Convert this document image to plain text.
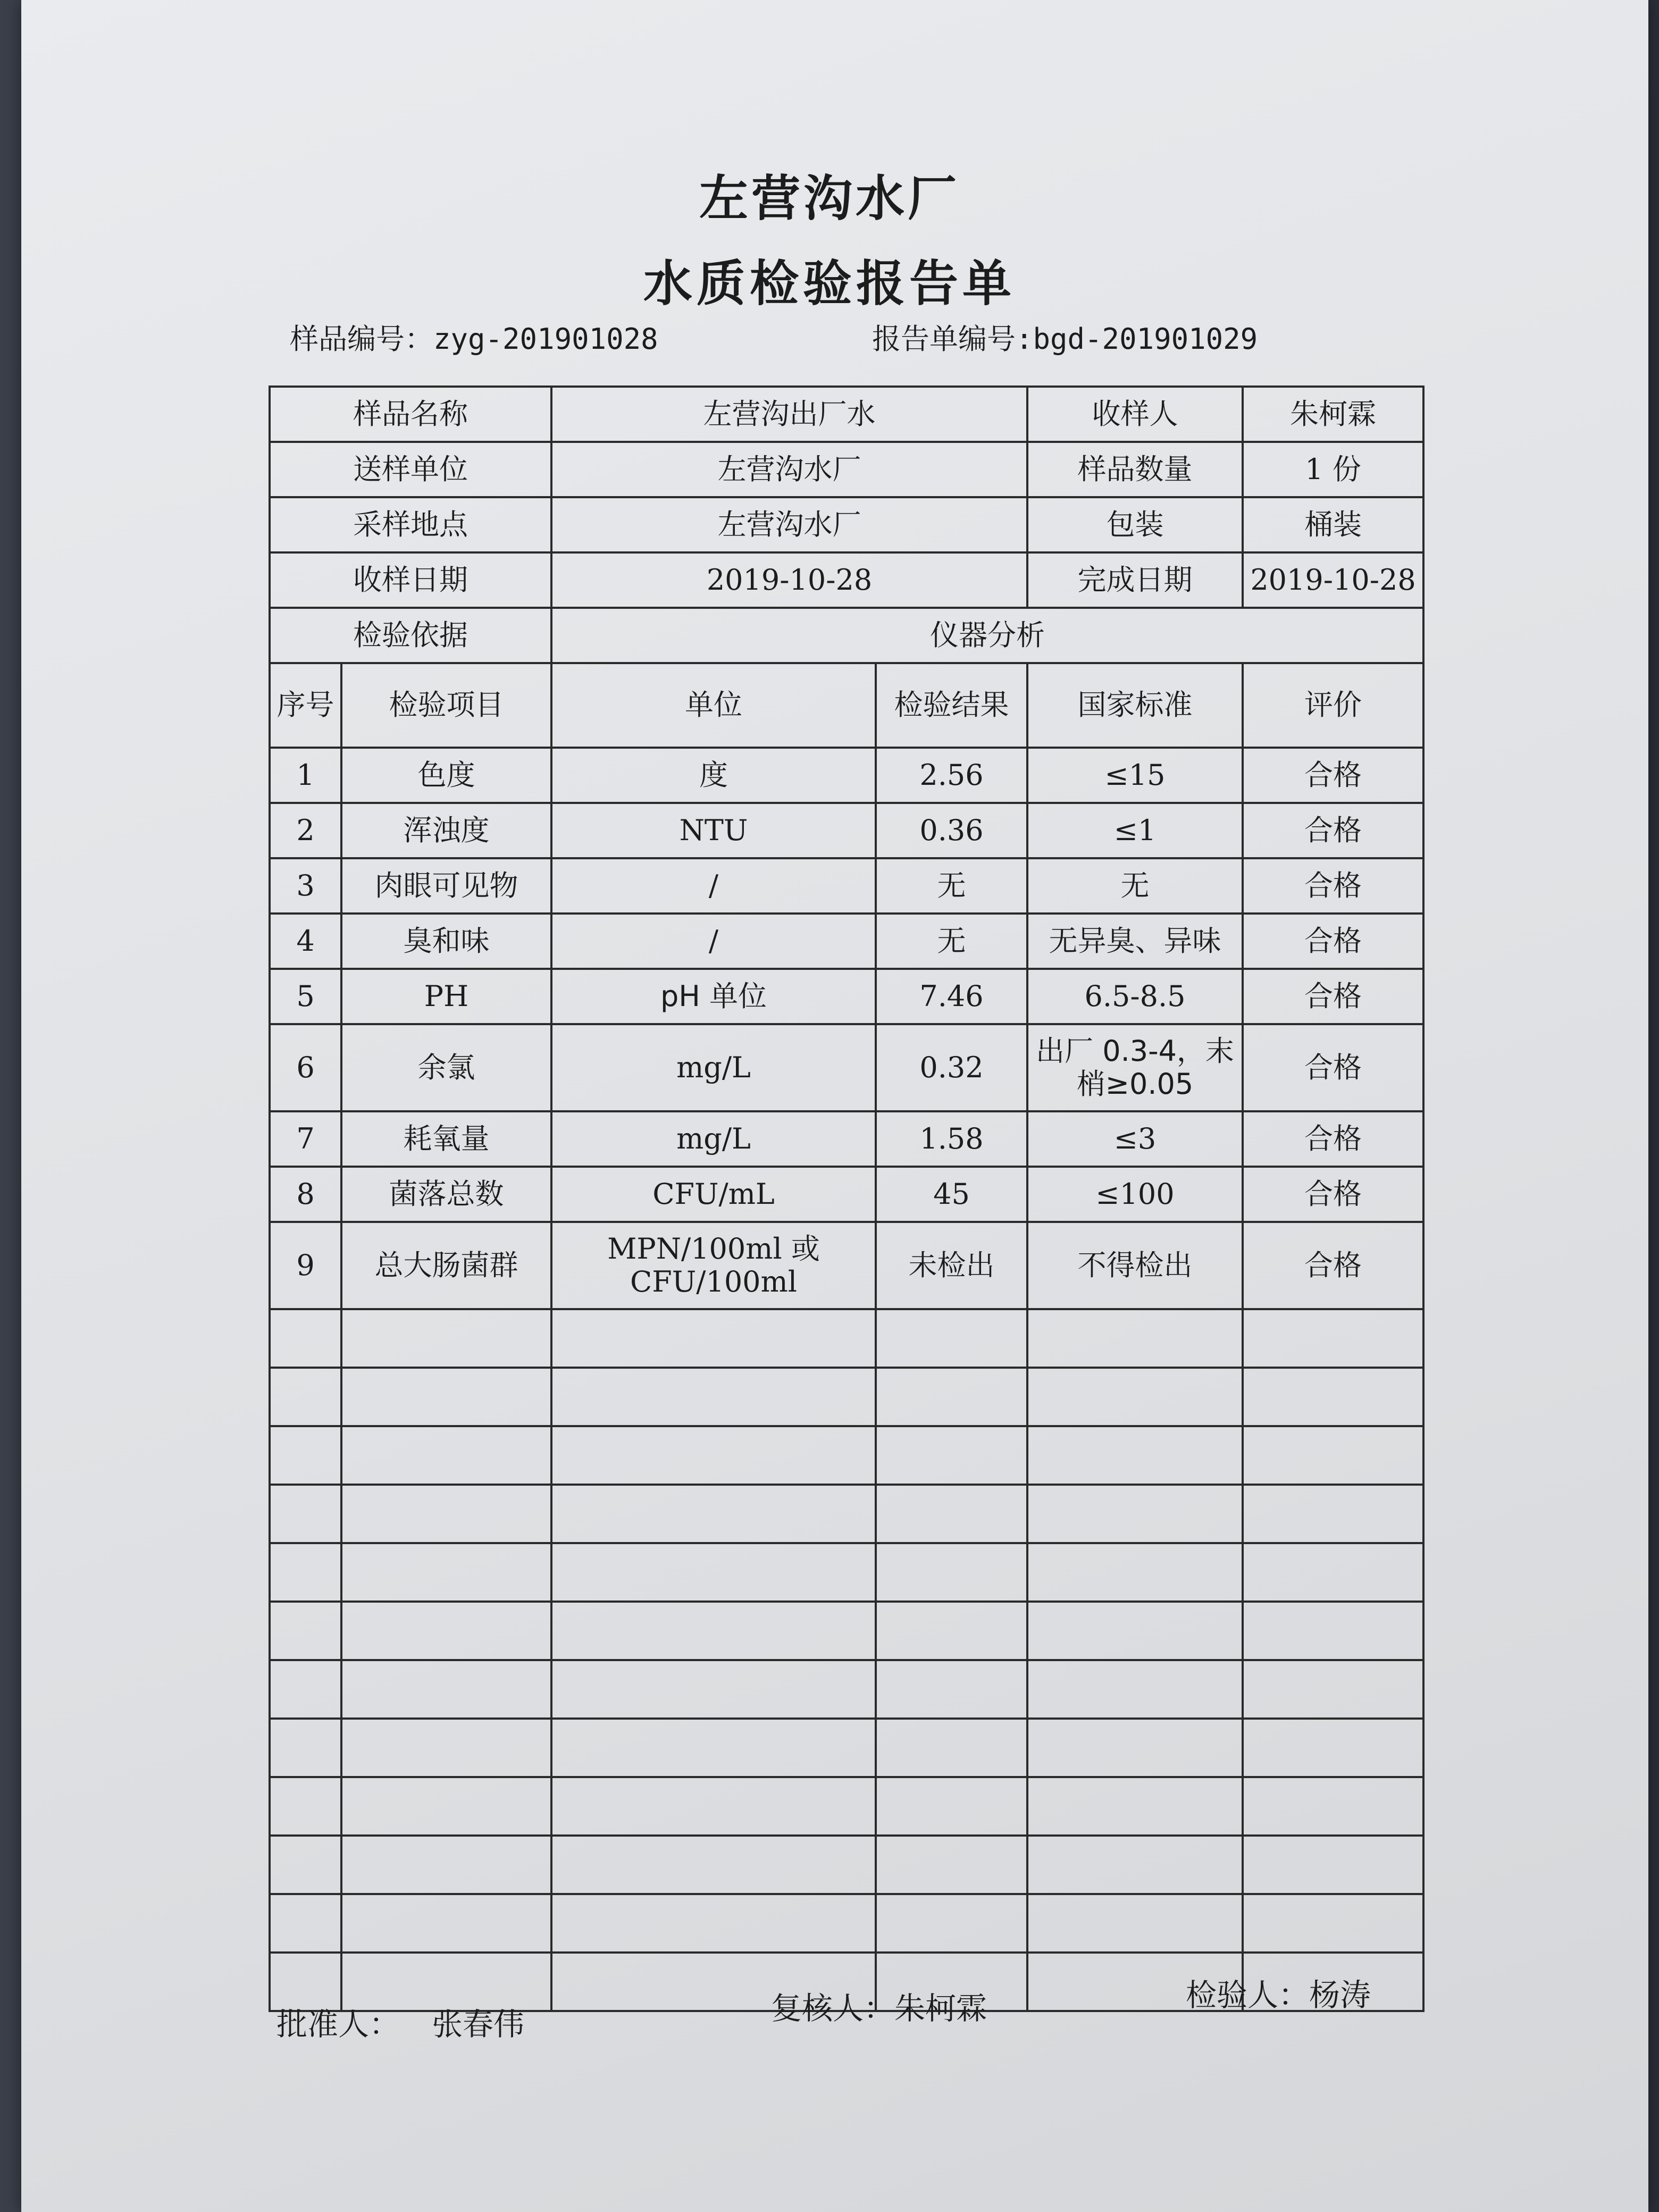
左营沟水厂
水质检验报告单
样品编号：zyg-201901028	报告单编号:bgd-201901029
样品名称		左营沟出厂水		收样人	朱柯霖
送样单位		左营沟水厂		样品数量	1 份
采样地点		左营沟水厂		包装	桶装
收样日期		2019-10-28		完成日期	2019-10-28
检验依据		仪器分析			
序号	检验项目	单位	检验结果	国家标准	评价
1	色度	度	2.56	≤15	合格
2	浑浊度	NTU	0.36	≤1	合格
3	肉眼可见物	/	无	无	合格
4	臭和味	/	无	无异臭、异味	合格
5	PH	pH 单位	7.46	6.5-8.5	合格
6	余氯	mg/L	0.32	出厂 0.3-4，末梢≥0.05	合格
7	耗氧量	mg/L	1.58	≤3	合格
8	菌落总数	CFU/mL	45	≤100	合格
9	总大肠菌群	MPN/100ml 或 CFU/100ml	未检出	不得检出	合格

批准人： 张春伟	复核人：朱柯霖	检验人：杨涛
